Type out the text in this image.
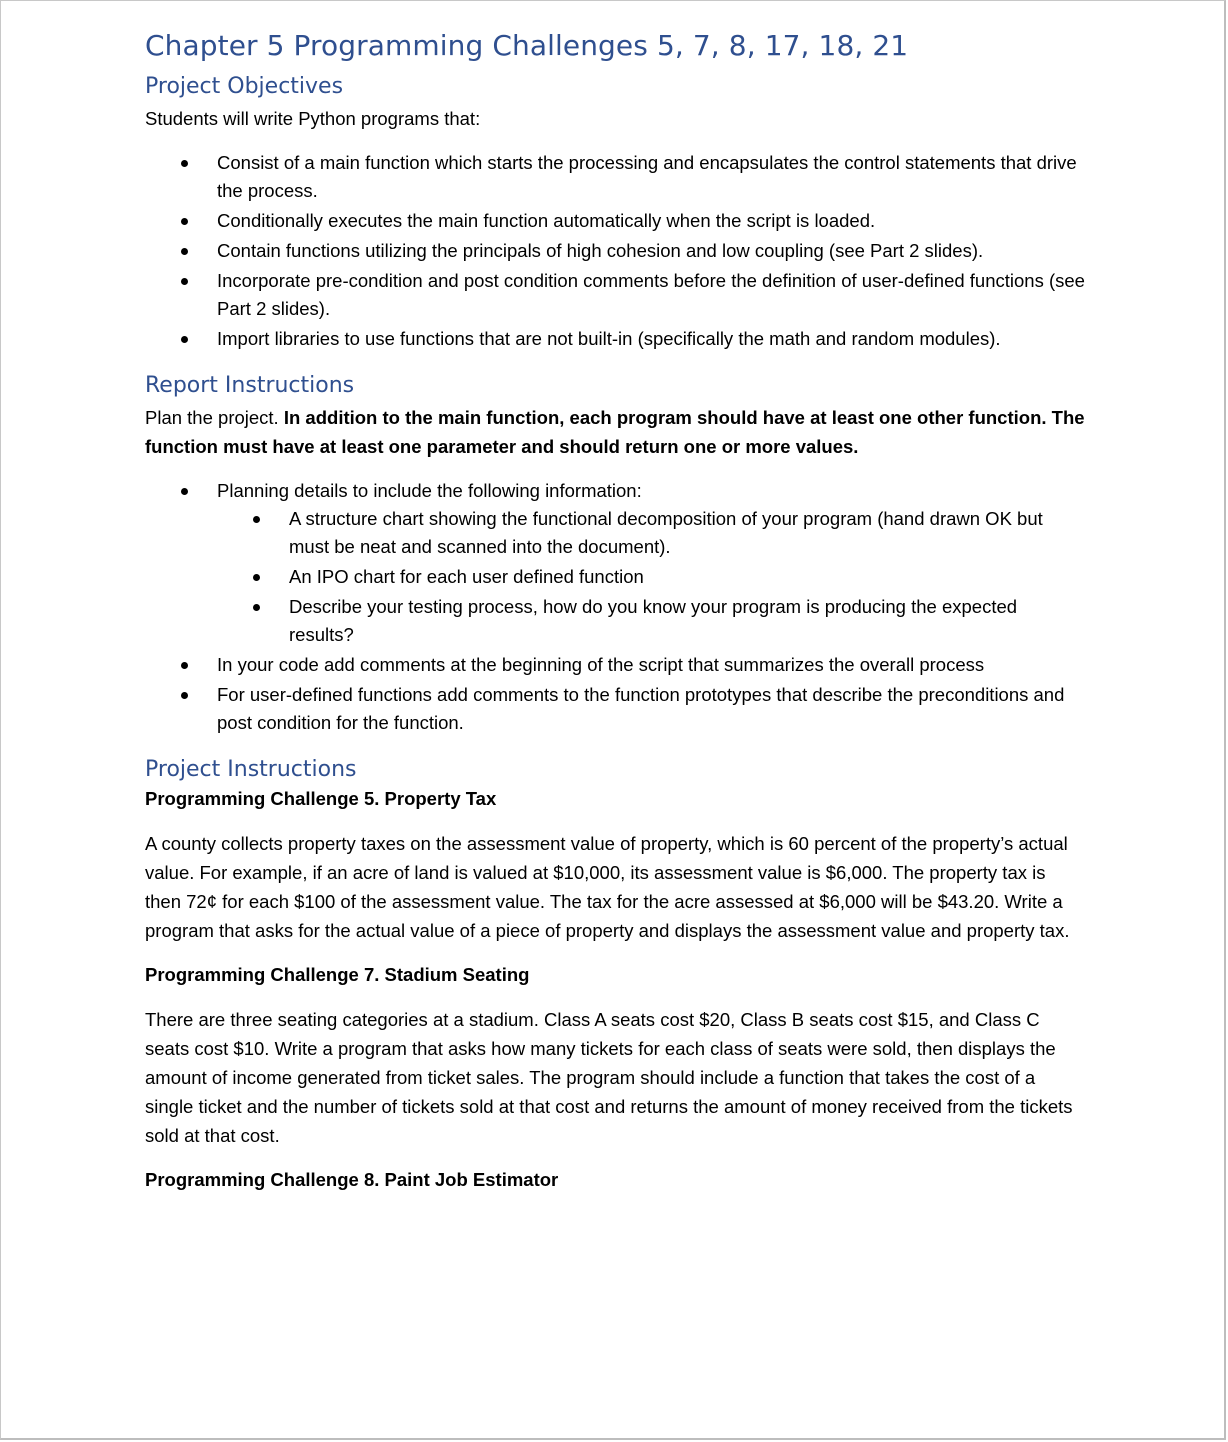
Chapter 5 Programming Challenges 5, 7, 8, 17, 18, 21
Project Objectives

Students will write Python programs that:

Consist of a main function which starts the processing and encapsulates the control statements that drive the process.
Conditionally executes the main function automatically when the script is loaded.
Contain functions utilizing the principals of high cohesion and low coupling (see Part 2 slides).
Incorporate pre-condition and post condition comments before the definition of user-defined functions (see Part 2 slides).
Import libraries to use functions that are not built-in (specifically the math and random modules).
Report Instructions

Plan the project. In addition to the main function, each program should have at least one other function. The function must have at least one parameter and should return one or more values.

Planning details to include the following information:
A structure chart showing the functional decomposition of your program (hand drawn OK but must be neat and scanned into the document).
An IPO chart for each user defined function
Describe your testing process, how do you know your program is producing the expected results?
In your code add comments at the beginning of the script that summarizes the overall process
For user-defined functions add comments to the function prototypes that describe the preconditions and post condition for the function.
Project Instructions
Programming Challenge 5. Property Tax

A county collects property taxes on the assessment value of property, which is 60 percent of the property’s actual value. For example, if an acre of land is valued at $10,000, its assessment value is $6,000. The property tax is then 72¢ for each $100 of the assessment value. The tax for the acre assessed at $6,000 will be $43.20. Write a program that asks for the actual value of a piece of property and displays the assessment value and property tax.

Programming Challenge 7. Stadium Seating

There are three seating categories at a stadium. Class A seats cost $20, Class B seats cost $15, and Class C seats cost $10. Write a program that asks how many tickets for each class of seats were sold, then displays the amount of income generated from ticket sales. The program should include a function that takes the cost of a single ticket and the number of tickets sold at that cost and returns the amount of money received from the tickets sold at that cost.

Programming Challenge 8. Paint Job Estimator
